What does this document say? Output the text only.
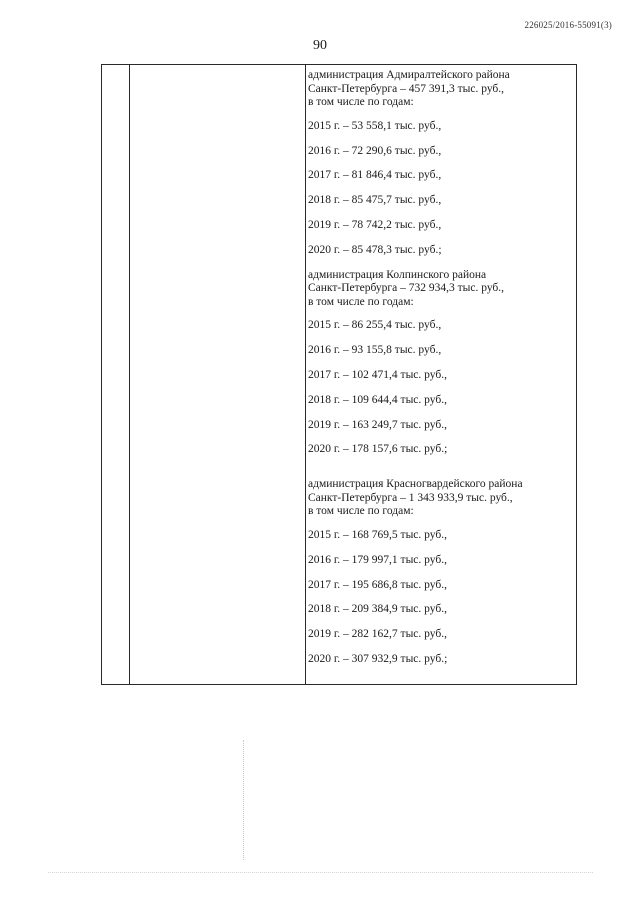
226025/2016-55091(3)
90
администрация Адмиралтейского района
Санкт-Петербурга – 457 391,3 тыс. руб.,
в том числе по годам:
2015 г. – 53 558,1 тыс. руб.,
2016 г. – 72 290,6 тыс. руб.,
2017 г. – 81 846,4 тыс. руб.,
2018 г. – 85 475,7 тыс. руб.,
2019 г. – 78 742,2 тыс. руб.,
2020 г. – 85 478,3 тыс. руб.;
администрация Колпинского района
Санкт-Петербурга – 732 934,3 тыс. руб.,
в том числе по годам:
2015 г. – 86 255,4 тыс. руб.,
2016 г. – 93 155,8 тыс. руб.,
2017 г. – 102 471,4 тыс. руб.,
2018 г. – 109 644,4 тыс. руб.,
2019 г. – 163 249,7 тыс. руб.,
2020 г. – 178 157,6 тыс. руб.;
администрация Красногвардейского района
Санкт-Петербурга – 1 343 933,9 тыс. руб.,
в том числе по годам:
2015 г. – 168 769,5 тыс. руб.,
2016 г. – 179 997,1 тыс. руб.,
2017 г. – 195 686,8 тыс. руб.,
2018 г. – 209 384,9 тыс. руб.,
2019 г. – 282 162,7 тыс. руб.,
2020 г. – 307 932,9 тыс. руб.;
